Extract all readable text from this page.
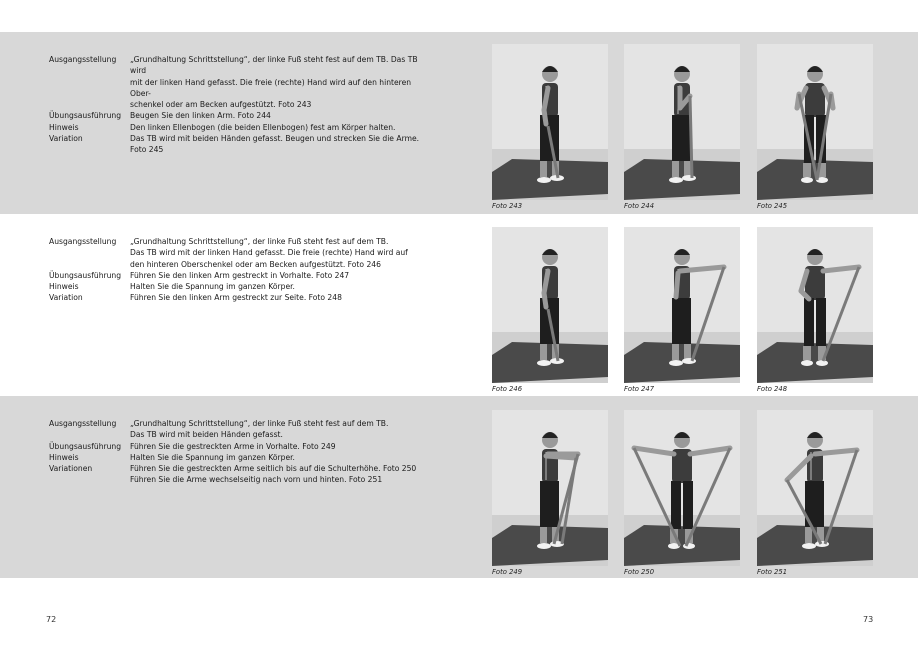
Ausgangsstellung	„Grundhaltung Schrittstellung“, der linke Fuß steht fest auf dem TB. Das TB wird
mit der linken Hand gefasst. Die freie (rechte) Hand wird auf den hinteren Ober-
schenkel oder am Becken aufgestützt. Foto 243
Übungsausführung	Beugen Sie den linken Arm. Foto 244
Hinweis	Den linken Ellenbogen (die beiden Ellenbogen) fest am Körper halten.
Variation	Das TB wird mit beiden Händen gefasst. Beugen und strecken Sie die Arme.
Foto 245
Ausgangsstellung	„Grundhaltung Schrittstellung“, der linke Fuß steht fest auf dem TB.
Das TB wird mit der linken Hand gefasst. Die freie (rechte) Hand wird auf
den hinteren Oberschenkel oder am Becken aufgestützt. Foto 246
Übungsausführung	Führen Sie den linken Arm gestreckt in Vorhalte. Foto 247
Hinweis	Halten Sie die Spannung im ganzen Körper.
Variation	Führen Sie den linken Arm gestreckt zur Seite. Foto 248
Ausgangsstellung	„Grundhaltung Schrittstellung“, der linke Fuß steht fest auf dem TB.
Das TB wird mit beiden Händen gefasst.
Übungsausführung	Führen Sie die gestreckten Arme in Vorhalte. Foto 249
Hinweis	Halten Sie die Spannung im ganzen Körper.
Variationen	Führen Sie die gestreckten Arme seitlich bis auf die Schulterhöhe. Foto 250
Führen Sie die Arme wechselseitig nach vorn und hinten. Foto 251
Foto 243	Foto 244	Foto 245
Foto 246	Foto 247	Foto 248
Foto 249	Foto 250	Foto 251
72	73
